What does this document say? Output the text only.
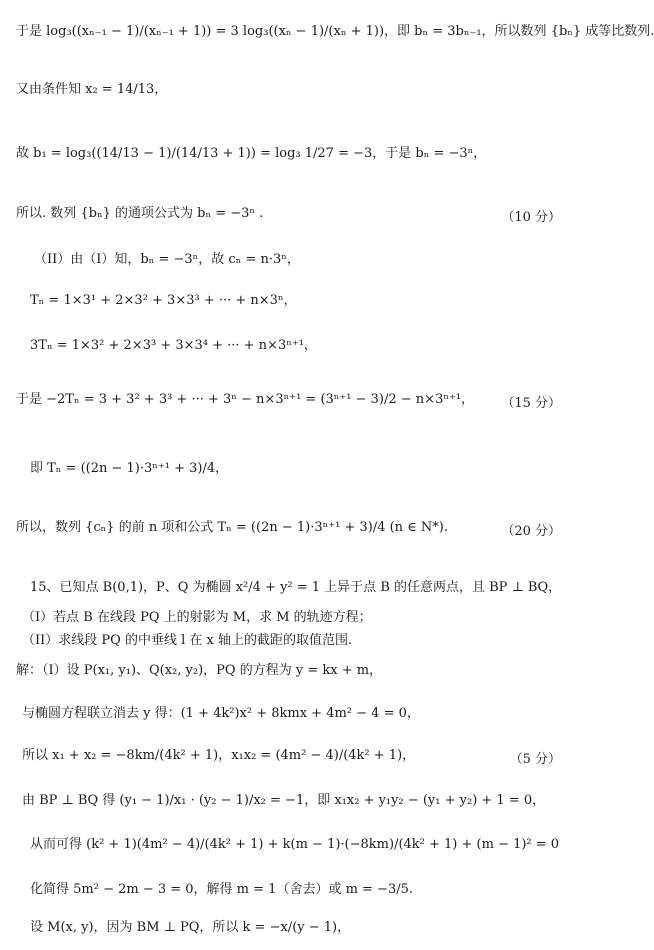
于是 log₃((xₙ₋₁ − 1)/(xₙ₋₁ + 1)) = 3 log₃((xₙ − 1)/(xₙ + 1))，即 bₙ = 3bₙ₋₁，所以数列 {bₙ} 成等比数列.
又由条件知 x₂ = 14/13，
故 b₁ = log₃((14/13 − 1)/(14/13 + 1)) = log₃ 1/27 = −3，于是 bₙ = −3ⁿ，
所以. 数列 {bₙ} 的通项公式为 bₙ = −3ⁿ .	（10 分）
（II）由（I）知，bₙ = −3ⁿ，故 cₙ = n·3ⁿ，
Tₙ = 1×3¹ + 2×3² + 3×3³ + ··· + n×3ⁿ，
3Tₙ = 1×3² + 2×3³ + 3×3⁴ + ··· + n×3ⁿ⁺¹，
于是 −2Tₙ = 3 + 3² + 3³ + ··· + 3ⁿ − n×3ⁿ⁺¹ = (3ⁿ⁺¹ − 3)/2 − n×3ⁿ⁺¹，	（15 分）
即 Tₙ = ((2n − 1)·3ⁿ⁺¹ + 3)/4，
所以，数列 {cₙ} 的前 n 项和公式 Tₙ = ((2n − 1)·3ⁿ⁺¹ + 3)/4 (n ∈ N*).	（20 分）
15、已知点 B(0,1)，P、Q 为椭圆 x²/4 + y² = 1 上异于点 B 的任意两点，且 BP ⊥ BQ，
（I）若点 B 在线段 PQ 上的射影为 M，求 M 的轨迹方程；
（II）求线段 PQ 的中垂线 l 在 x 轴上的截距的取值范围.
解：（I）设 P(x₁, y₁)、Q(x₂, y₂)，PQ 的方程为 y = kx + m，
与椭圆方程联立消去 y 得：(1 + 4k²)x² + 8kmx + 4m² − 4 = 0，
所以 x₁ + x₂ = −8km/(4k² + 1)，x₁x₂ = (4m² − 4)/(4k² + 1)，	（5 分）
由 BP ⊥ BQ 得 (y₁ − 1)/x₁ · (y₂ − 1)/x₂ = −1，即 x₁x₂ + y₁y₂ − (y₁ + y₂) + 1 = 0，
从而可得 (k² + 1)(4m² − 4)/(4k² + 1) + k(m − 1)·(−8km)/(4k² + 1) + (m − 1)² = 0
化简得 5m² − 2m − 3 = 0，解得 m = 1（舍去）或 m = −3/5.
设 M(x, y)，因为 BM ⊥ PQ，所以 k = −x/(y − 1)，
